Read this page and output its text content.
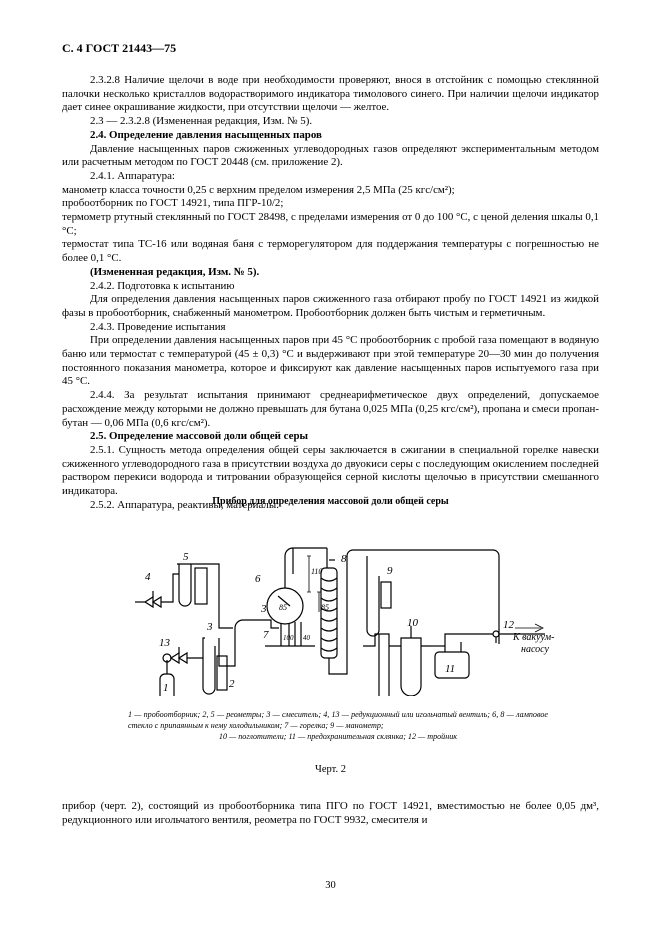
С. 4 ГОСТ 21443—75

2.3.2.8 Наличие щелочи в воде при необходимости проверяют, внося в отстойник с помощью стеклянной палочки несколько кристаллов водорастворимого индикатора тимолового синего. При наличии щелочи индикатор дает синее окрашивание жидкости, при отсутствии щелочи — желтое.

2.3 — 2.3.2.8 (Измененная редакция, Изм. № 5).

2.4. Определение давления насыщенных паров

Давление насыщенных паров сжиженных углеводородных газов определяют экспериментальным методом или расчетным методом по ГОСТ 20448 (см. приложение 2).

2.4.1. Аппаратура:

манометр класса точности 0,25 с верхним пределом измерения 2,5 МПа (25 кгс/см²);

пробоотборник по ГОСТ 14921, типа ПГР-10/2;

термометр ртутный стеклянный по ГОСТ 28498, с пределами измерения от 0 до 100 °С, с ценой деления шкалы 0,1 °С;

термостат типа ТС-16 или водяная баня с терморегулятором для поддержания температуры с погрешностью не более 0,1 °С.

(Измененная редакция, Изм. № 5).

2.4.2. Подготовка к испытанию

Для определения давления насыщенных паров сжиженного газа отбирают пробу по ГОСТ 14921 из жидкой фазы в пробоотборник, снабженный манометром. Пробоотборник должен быть чистым и герметичным.

2.4.3. Проведение испытания

При определении давления насыщенных паров при 45 °С пробоотборник с пробой газа помещают в водяную баню или термостат с температурой (45 ± 0,3) °С и выдерживают при этой температуре 20—30 мин до получения постоянного показания манометра, которое и фиксируют как давление насыщенных паров испытуемого газа при 45 °С.

2.4.4. За результат испытания принимают среднеарифметическое двух определений, допускаемое расхождение между которыми не должно превышать для бутана 0,025 МПа (0,25 кгс/см²), пропана и смеси пропан-бутан — 0,06 МПа (0,6 кгс/см²).

2.5. Определение массовой доли общей серы

2.5.1. Сущность метода определения общей серы заключается в сжигании в специальной горелке навески сжиженного углеводородного газа в присутствии воздуха до двуокиси серы с последующим окислением последней раствором перекиси водорода и титровании образующейся серной кислоты щелочью в присутствии смешанного индикатора.

2.5.2. Аппаратура, реактивы, материалы:

Прибор для определения массовой доли общей серы
1	2
3
3
4
5
6
7
8
9
10
11
12
13
110
85	85
100 40	К вакуум-
насосу
1 — пробоотборник; 2, 5 — реометры; 3 — смеситель; 4, 13 — редукционный или игольчатый вентиль; 6, 8 — ламповое стекло с припаянным к нему холодильником; 7 — горелка; 9 — манометр;
10 — поглотители; 11 — предохранительная склянка; 12 — тройник
Черт. 2

прибор (черт. 2), состоящий из пробоотборника типа ПГО по ГОСТ 14921, вместимостью не более 0,05 дм³, редукционного или игольчатого вентиля, реометра по ГОСТ 9932, смесителя и

30
